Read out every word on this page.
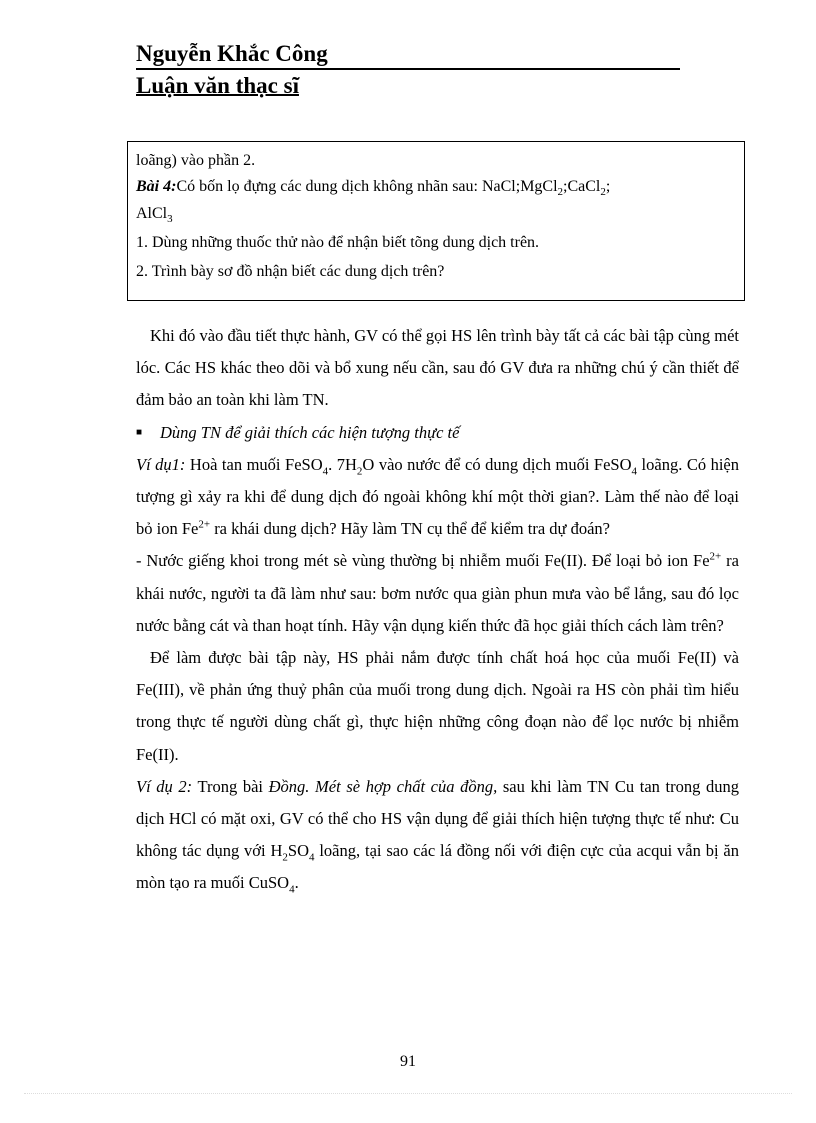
Nguyễn Khắc Công
Luận văn thạc sĩ

loãng) vào phần 2.

Bài 4:Có bốn lọ đựng các dung dịch không nhãn sau: NaCl;MgCl$_2$;CaCl$_2$;

AlCl$_3$

1. Dùng những thuốc thử nào để nhận biết tõng dung dịch trên.

2. Trình bày sơ đồ nhận biết các dung dịch trên?

Khi đó vào đầu tiết thực hành, GV có thể gọi HS lên trình bày tất cả các bài tập cùng mét lóc. Các HS khác theo dõi và bổ xung nếu cần, sau đó GV đưa ra những chú ý cần thiết để đảm bảo an toàn khi làm TN.

■	Dùng TN để giải thích các hiện tượng thực tế

Ví dụ1: Hoà tan muối FeSO$_4$. $7H_2O$ vào nước để có dung dịch muối FeSO$_4$ loãng. Có hiện tượng gì xảy ra khi để dung dịch đó ngoài không khí một thời gian?. Làm thế nào để loại bỏ ion $Fe^{2+}$ ra khái dung dịch? Hãy làm TN cụ thể để kiểm tra dự đoán?

- Nước giếng khoi trong mét sè vùng thường bị nhiễm muối Fe(II). Để loại bỏ ion $Fe^{2+}$ ra khái nước, người ta đã làm như sau: bơm nước qua giàn phun mưa vào bể lắng, sau đó lọc nước bằng cát và than hoạt tính. Hãy vận dụng kiến thức đã học giải thích cách làm trên?

Để làm được bài tập này, HS phải nắm được tính chất hoá học của muối Fe(II) và Fe(III), về phản ứng thuỷ phân của muối trong dung dịch. Ngoài ra HS còn phải tìm hiểu trong thực tế người dùng chất gì, thực hiện những công đoạn nào để lọc nước bị nhiễm Fe(II).

Ví dụ 2: Trong bài Đồng. Mét sè hợp chất của đồng, sau khi làm TN Cu tan trong dung dịch HCl có mặt oxi, GV có thể cho HS vận dụng để giải thích hiện tượng thực tế như: Cu không tác dụng với $H_2SO_4$ loãng, tại sao các lá đồng nối với điện cực của acqui vẫn bị ăn mòn tạo ra muối CuSO$_4$.

91
